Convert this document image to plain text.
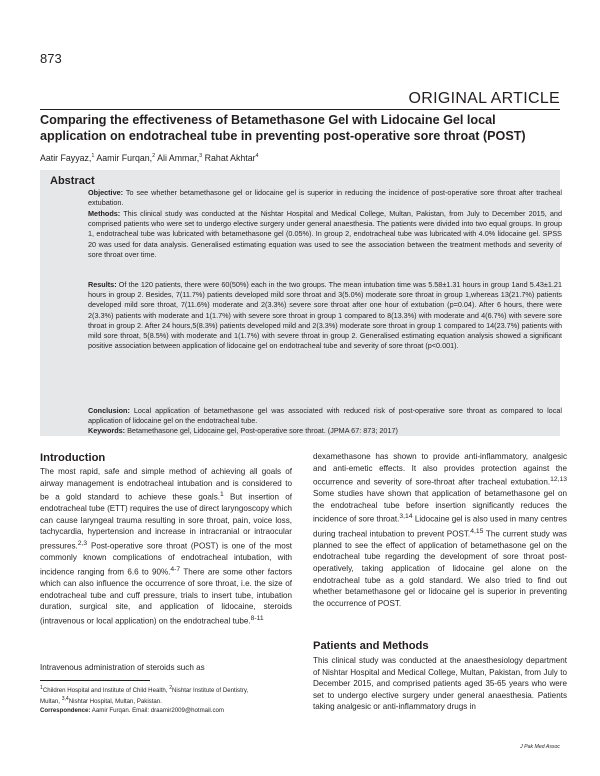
873
ORIGINAL ARTICLE
Comparing the effectiveness of Betamethasone Gel with Lidocaine Gel local
application on endotracheal tube in preventing post-operative sore throat (POST)
Aatir Fayyaz,$^1$ Aamir Furqan,$^2$ Ali Ammar,$^3$ Rahat Akhtar$^4$
Abstract

Objective: To see whether betamethasone gel or lidocaine gel is superior in reducing the incidence of post-operative sore throat after tracheal extubation.

Methods: This clinical study was conducted at the Nishtar Hospital and Medical College, Multan, Pakistan, from July to December 2015, and comprised patients who were set to undergo elective surgery under general anaesthesia. The patients were divided into two equal groups. In group 1, endotracheal tube was lubricated with betamethasone gel (0.05%). In group 2, endotracheal tube was lubricated with 4.0% lidocaine gel. SPSS 20 was used for data analysis. Generalised estimating equation was used to see the association between the treatment methods and severity of sore throat over time.

Results: Of the 120 patients, there were 60(50%) each in the two groups. The mean intubation time was 5.58±1.31 hours in group 1and 5.43±1.21 hours in group 2. Besides, 7(11.7%) patients developed mild sore throat and 3(5.0%) moderate sore throat in group 1,whereas 13(21.7%) patients developed mild sore throat, 7(11.6%) moderate and 2(3.3%) severe sore throat after one hour of extubation (p=0.04). After 6 hours, there were 2(3.3%) patients with moderate and 1(1.7%) with severe sore throat in group 1 compared to 8(13.3%) with moderate and 4(6.7%) with severe sore throat in group 2. After 24 hours,5(8.3%) patients developed mild and 2(3.3%) moderate sore throat in group 1 compared to 14(23.7%) patients with mild sore throat, 5(8.5%) with moderate and 1(1.7%) with severe throat in group 2. Generalised estimating equation analysis showed a significant positive association between application of lidocaine gel on endotracheal tube and severity of sore throat (p<0.001).

Conclusion: Local application of betamethasone gel was associated with reduced risk of post-operative sore throat as compared to local application of lidocaine gel on the endotracheal tube.

Keywords: Betamethasone gel, Lidocaine gel, Post-operative sore throat. (JPMA 67: 873; 2017)

Introduction

The most rapid, safe and simple method of achieving all goals of airway management is endotracheal intubation and is considered to be a gold standard to achieve these goals.$^1$ But insertion of endotracheal tube (ETT) requires the use of direct laryngoscopy which can cause laryngeal trauma resulting in sore throat, pain, voice loss, tachycardia, hypertension and increase in intracranial or intraocular pressures.$^{2,3}$ Post-operative sore throat (POST) is one of the most commonly known complications of endotracheal intubation, with incidence ranging from 6.6 to 90%.$^{4-7}$ There are some other factors which can also influence the occurrence of sore throat, i.e. the size of endotracheal tube and cuff pressure, trials to insert tube, intubation duration, surgical site, and application of lidocaine, steroids (intravenous or local application) on the endotracheal tube.$^{8-11}$

Intravenous administration of steroids such as

$^1$Children Hospital and Institute of Child Health, $^2$Nishtar Institute of Dentistry,
Multan, $^{3,4}$Nishtar Hospital, Multan, Pakistan.
Correspondence: Aamir Furqan. Email: draamir2009@hotmail.com

dexamethasone has shown to provide anti-inflammatory, analgesic and anti-emetic effects. It also provides protection against the occurrence and severity of sore-throat after tracheal extubation.$^{12,13}$ Some studies have shown that application of betamethasone gel on the endotracheal tube before insertion significantly reduces the incidence of sore throat.$^{3,14}$ Lidocaine gel is also used in many centres during tracheal intubation to prevent POST.$^{4,15}$ The current study was planned to see the effect of application of betamethasone gel on the endotracheal tube regarding the development of sore throat post-operatively, taking application of lidocaine gel alone on the endotracheal tube as a gold standard. We also tried to find out whether betamethasone gel or lidocaine gel is superior in preventing the occurrence of POST.

Patients and Methods

This clinical study was conducted at the anaesthesiology department of Nishtar Hospital and Medical College, Multan, Pakistan, from July to December 2015, and comprised patients aged 35-65 years who were set to undergo elective surgery under general anaesthesia. Patients taking analgesic or anti-inflammatory drugs in

J Pak Med Assoc
